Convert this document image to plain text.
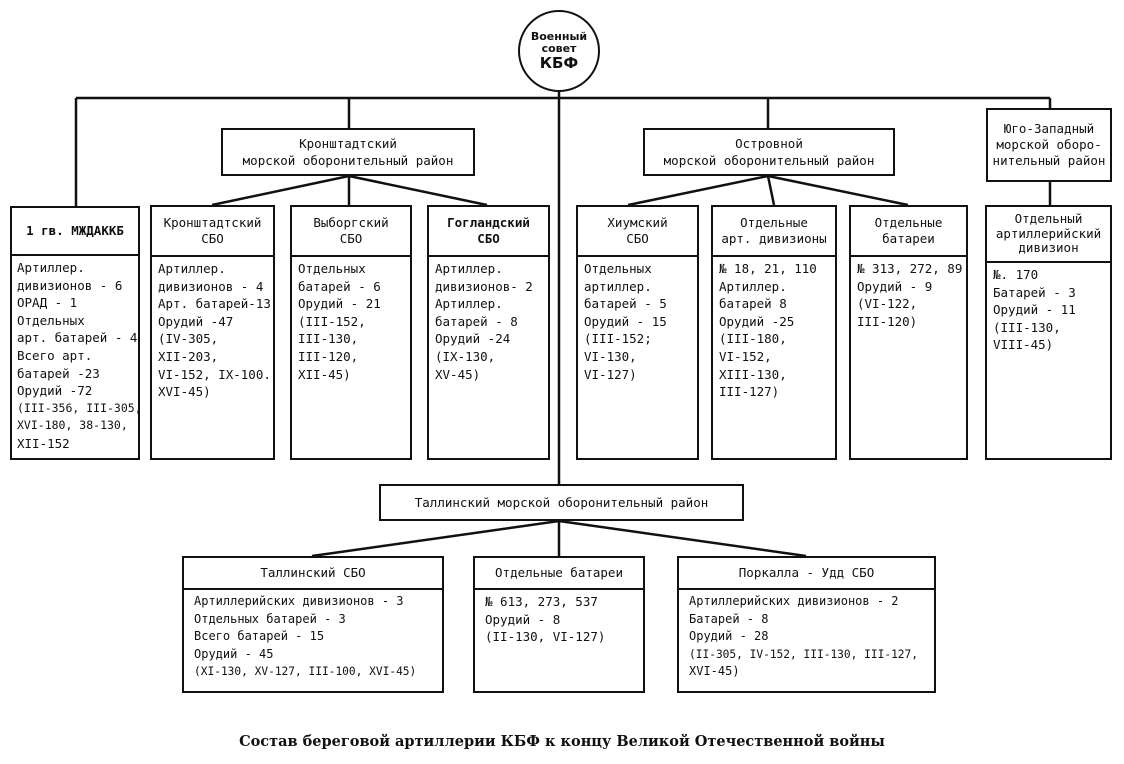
Военный
совет
КБФ
Кронштадтский
морской оборонительный район
Островной
морской оборонительный район
Юго-Западный
морской оборо-
нительный район
Таллинский морской оборонительный район
1 гв. МЖДАККБ
Артиллер.
дивизионов - 6
ОРАД - 1
Отдельных
арт. батарей - 4
Всего арт.
батарей -23
Орудий -72
(III-356, III-305,
XVI-180, 38-130,
XII-152
Кронштадтский
СБО
Артиллер.
дивизионов - 4
Арт. батарей-13
Орудий -47
(IV-305,
XII-203,
VI-152, IX-100.
XVI-45)
Выборгский
СБО
Отдельных
батарей - 6
Орудий - 21
(III-152,
III-130,
III-120,
XII-45)
Гогландский
СБО
Артиллер.
дивизионов- 2
Артиллер.
батарей - 8
Орудий -24
(IX-130,
XV-45)
Хиумский
СБО
Отдельных
артиллер.
батарей - 5
Орудий - 15
(III-152;
VI-130,
VI-127)
Отдельные
арт. дивизионы
№ 18, 21, 110
Артиллер.
батарей 8
Орудий -25
(III-180,
VI-152,
XIII-130,
III-127)
Отдельные
батареи
№ 313, 272, 89
Орудий - 9
(VI-122,
III-120)
Отдельный
артиллерийский
дивизион
№. 170
Батарей - 3
Орудий - 11
(III-130,
VIII-45)
Таллинский СБО
Артиллерийских дивизионов - 3
Отдельных батарей - 3
Всего батарей - 15
Орудий - 45
(XI-130, XV-127, III-100, XVI-45)
Отдельные батареи
№ 613, 273, 537
Орудий - 8
(II-130, VI-127)
Поркалла - Удд СБО
Артиллерийских дивизионов - 2
Батарей - 8
Орудий - 28
(II-305, IV-152, III-130, III-127,
XVI-45)
Состав береговой артиллерии КБФ к концу Великой Отечественной войны
